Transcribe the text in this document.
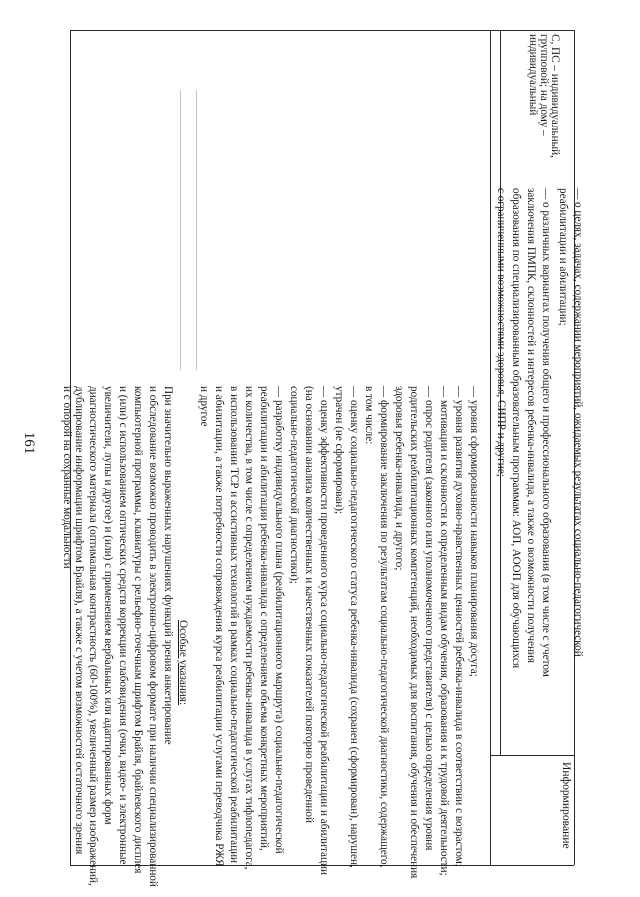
161
Информирование
— о целях, задачах, содержании мероприятий, ожидаемых результатах социально-педагогической
реабилитации и абилитации;
— о различных вариантах получения общего и профессионального образования (в том числе с учетом
заключения ПМПК, склонностей и интересов ребенка-инвалида, а также о возможности получения
образования по специализированным образовательным программам: АОП, АООП для обучающихся
с ограниченными возможностями здоровья, СИПР и другие;
С, ПС – индивидуальный, групповой; на дому – индивидуальный
— уровня сформированности навыков планирования досуга;
— уровня развития духовно-нравственных ценностей ребенка-инвалида в соответствии с возрастом;
— мотивации и склонности к определенным видам обучения, образования и к трудовой деятельности;
— опрос родителя (законного или уполномоченного представителя) с целью определения уровня
родительских реабилитационных компетенций, необходимых для воспитания, обучения и обеспечения
здоровья ребенка-инвалида, и другого;
— формирование заключения по результатам социально-педагогической диагностики, содержащего,
в том числе:
— оценку социально-педагогического статуса ребенка-инвалида (сохранен (сформирован), нарушен,
утрачен (не сформирован);
— оценку эффективности проведенного курса социально-педагогической реабилитации и абилитации
(на основании анализа количественных и качественных показателей повторно проведенной
социально-педагогической диагностики);
— разработку индивидуального плана (реабилитационного маршрута) социально-педагогической
реабилитации и абилитации ребенка-инвалида с определением объема конкретных мероприятий,
их количества, в том числе с определением нуждаемости ребенка-инвалида в услугах тифлопедагога,
в использовании ТСР и ассистивных технологий в рамках социально-педагогической реабилитации
и абилитации, а также потребности сопровождения курса реабилитации услугами переводчика РЖЯ
и другое
Особые указания:
При значительно выраженных нарушениях функций зрения анкетирование
и обследование возможно проводить в электронно-цифровом формате при наличии специализированной
компьютерной программы, клавиатуры с рельефно-точечным шрифтом Брайля, брайлевского дисплея
и (или) с использованием оптических средств коррекции слабовидения (очки, видео- и электронные
увеличители, лупы и другое) и (или) с применением вербальных или адаптированных форм
диагностического материала (оптимальная контрастность (60-100%), увеличенный размер изображений,
дублирование информации шрифтом Брайля), а также с учетом возможностей остаточного зрения
и с опорой на сохранные модальности
